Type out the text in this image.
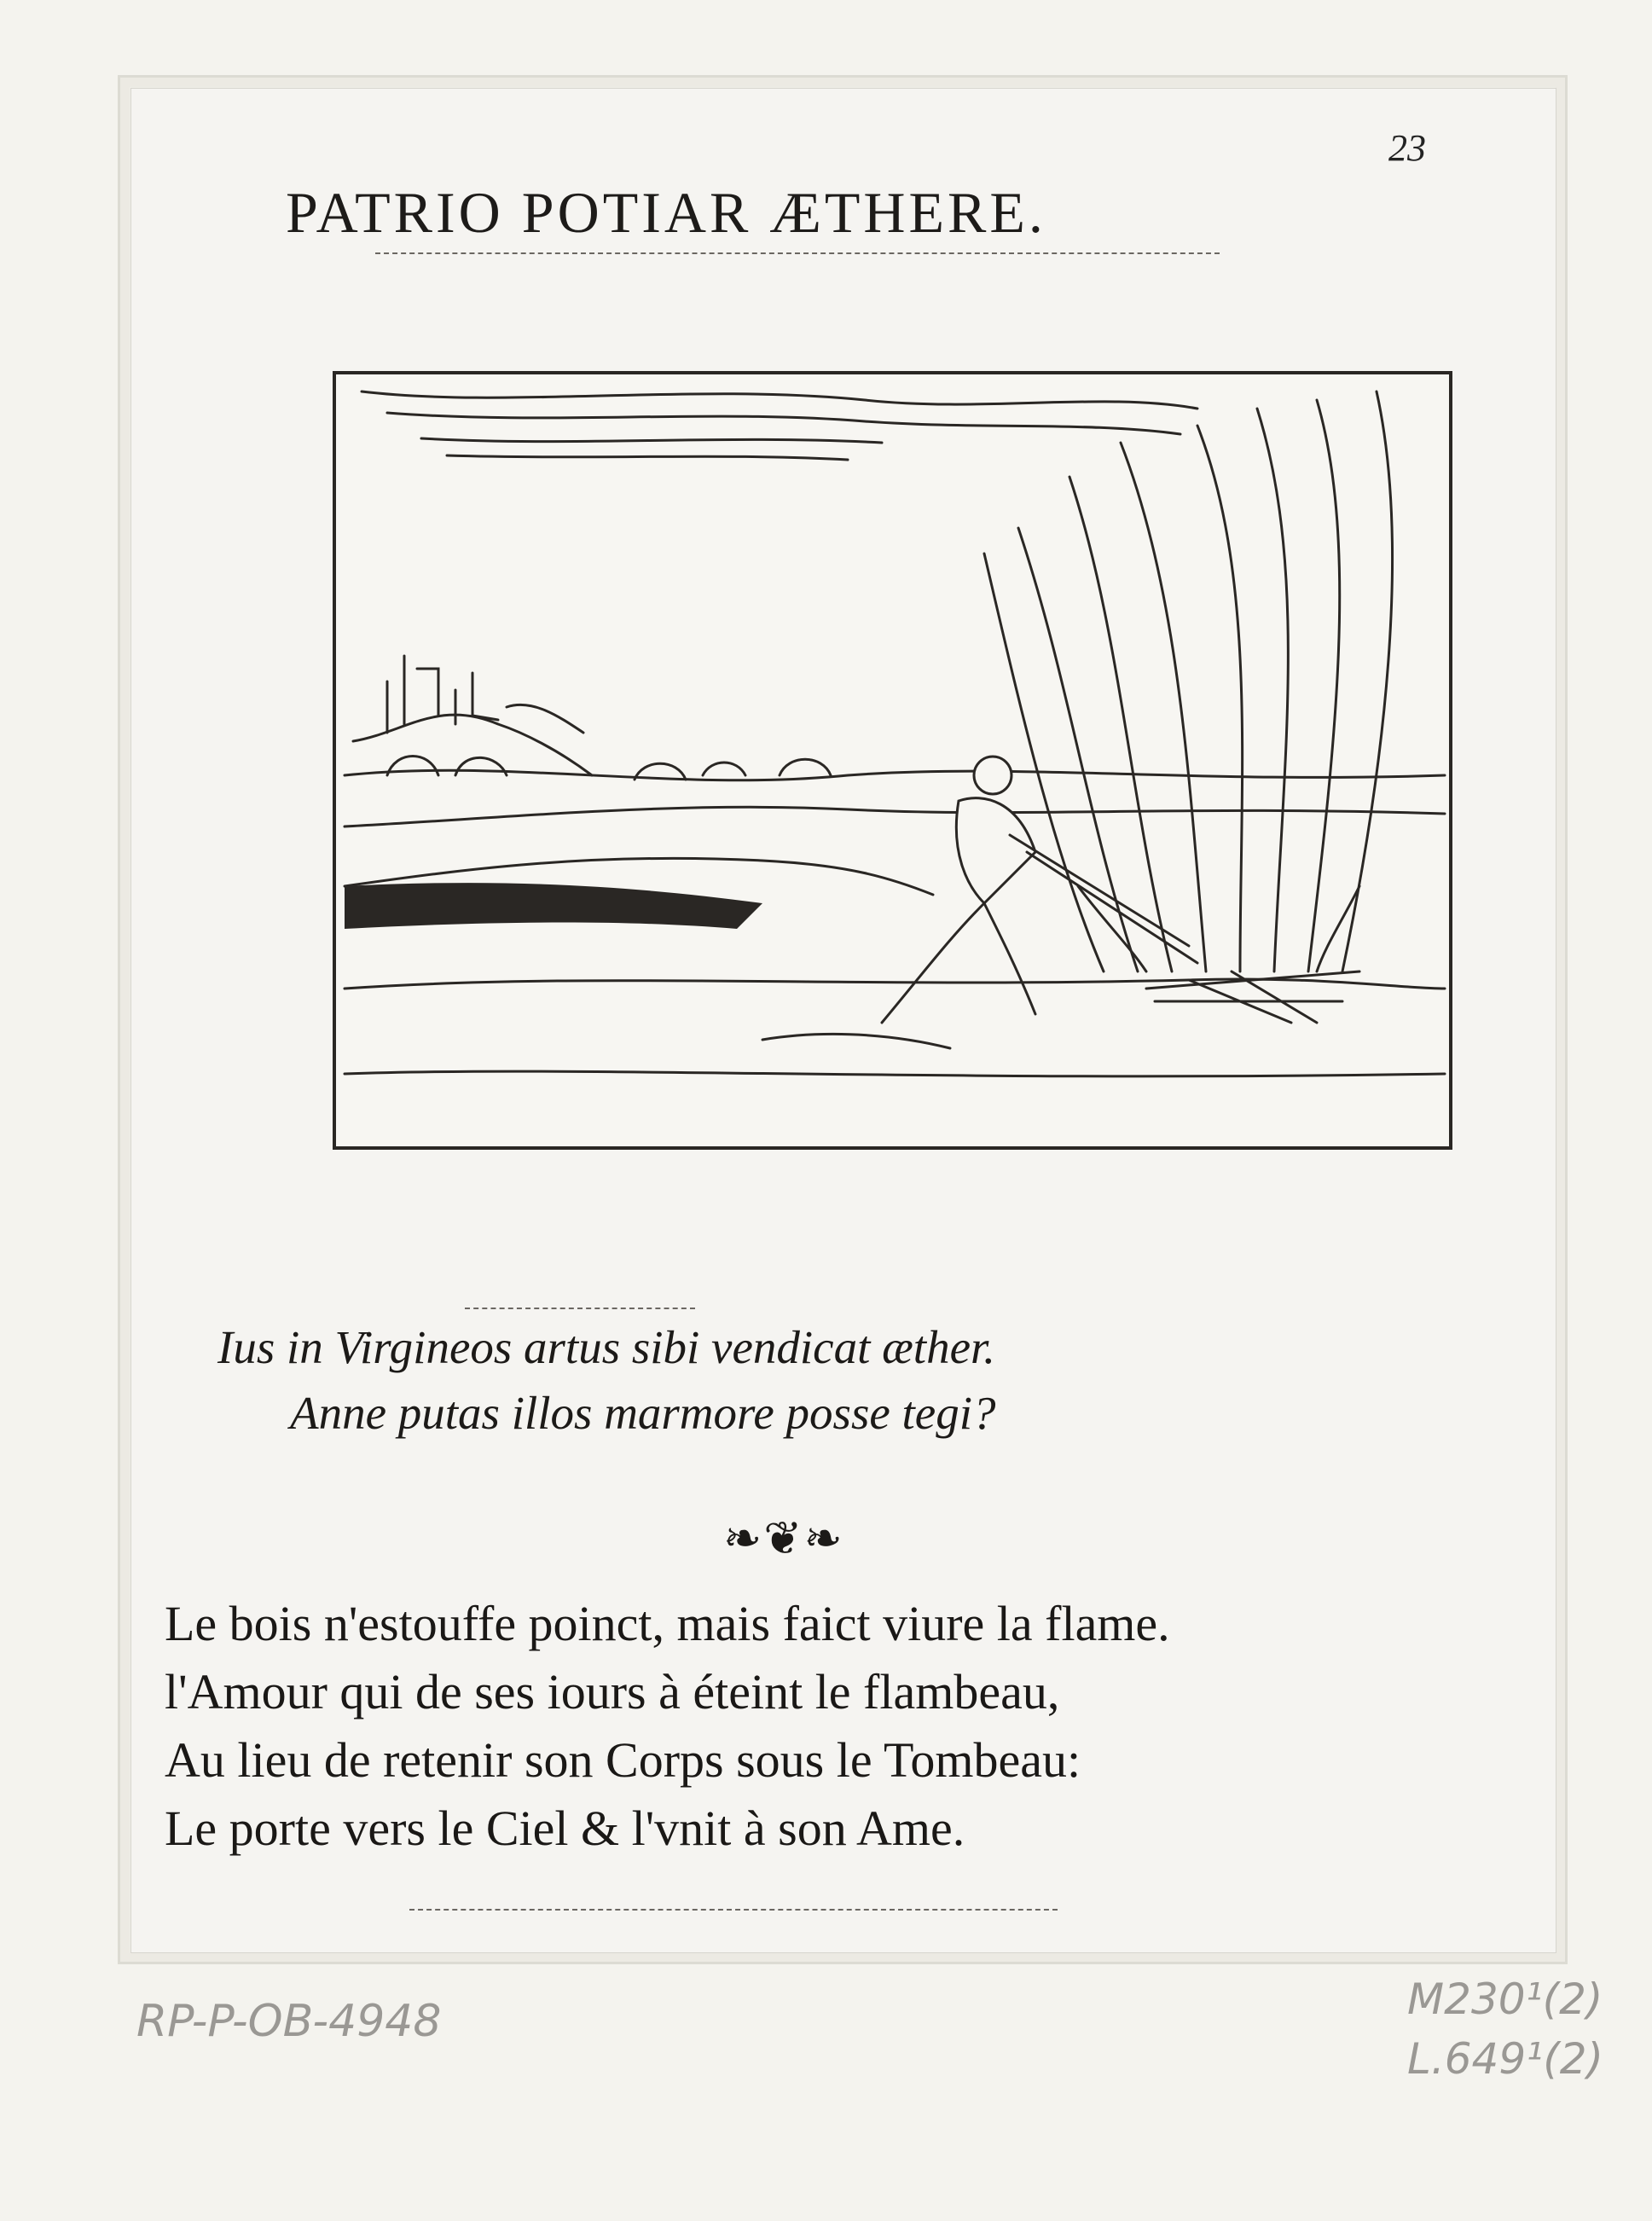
23
PATRIO POTIAR ÆTHERE.
Ius in Virgineos artus sibi vendicat æther.
Anne putas illos marmore posse tegi?
❧❦❧
Le bois n'estouffe poinct, mais faict viure la flame.
l'Amour qui de ses iours à éteint le flambeau,
Au lieu de retenir son Corps sous le Tombeau:
Le porte vers le Ciel & l'vnit à son Ame.
RP-P-OB-4948	M230¹(2)
L.649¹(2)
